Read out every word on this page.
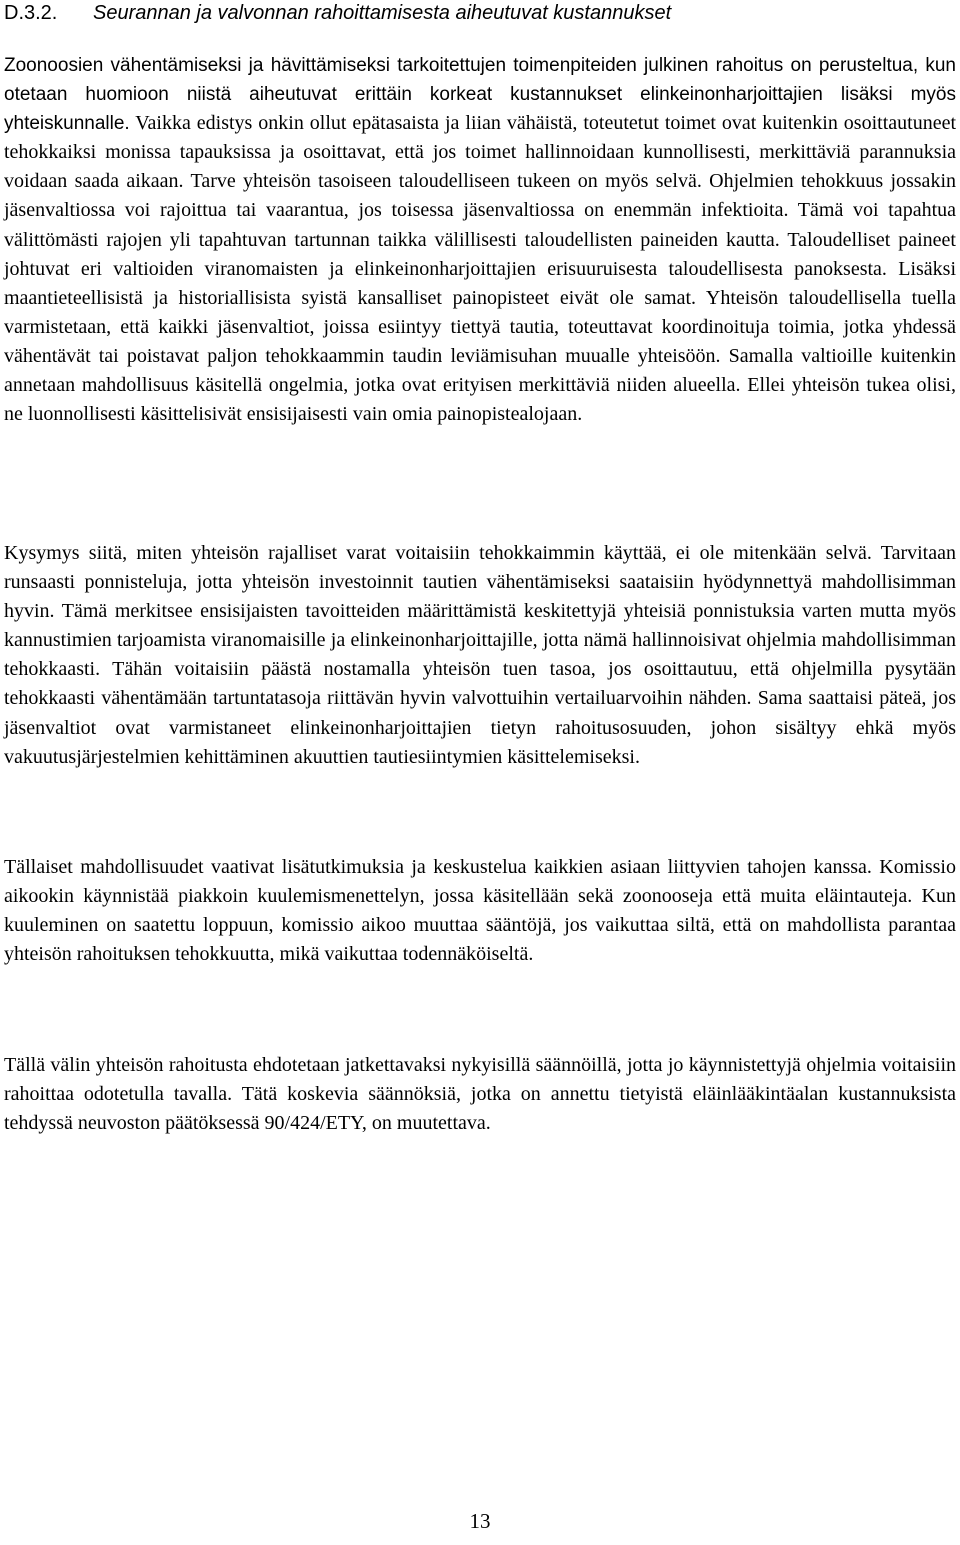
D.3.2. Seurannan ja valvonnan rahoittamisesta aiheutuvat kustannukset

Zoonoosien vähentämiseksi ja hävittämiseksi tarkoitettujen toimenpiteiden julkinen rahoitus on perusteltua, kun otetaan huomioon niistä aiheutuvat erittäin korkeat kustannukset elinkeinonharjoittajien lisäksi myös yhteiskunnalle. Vaikka edistys onkin ollut epätasaista ja liian vähäistä, toteutetut toimet ovat kuitenkin osoittautuneet tehokkaiksi monissa tapauksissa ja osoittavat, että jos toimet hallinnoidaan kunnollisesti, merkittäviä parannuksia voidaan saada aikaan. Tarve yhteisön tasoiseen taloudelliseen tukeen on myös selvä. Ohjelmien tehokkuus jossakin jäsenvaltiossa voi rajoittua tai vaarantua, jos toisessa jäsenvaltiossa on enemmän infektioita. Tämä voi tapahtua välittömästi rajojen yli tapahtuvan tartunnan taikka välillisesti taloudellisten paineiden kautta. Taloudelliset paineet johtuvat eri valtioiden viranomaisten ja elinkeinonharjoittajien erisuuruisesta taloudellisesta panoksesta. Lisäksi maantieteellisistä ja historiallisista syistä kansalliset painopisteet eivät ole samat. Yhteisön taloudellisella tuella varmistetaan, että kaikki jäsenvaltiot, joissa esiintyy tiettyä tautia, toteuttavat koordinoituja toimia, jotka yhdessä vähentävät tai poistavat paljon tehokkaammin taudin leviämisuhan muualle yhteisöön. Samalla valtioille kuitenkin annetaan mahdollisuus käsitellä ongelmia, jotka ovat erityisen merkittäviä niiden alueella. Ellei yhteisön tukea olisi, ne luonnollisesti käsittelisivät ensisijaisesti vain omia painopistealojaan.

Kysymys siitä, miten yhteisön rajalliset varat voitaisiin tehokkaimmin käyttää, ei ole mitenkään selvä. Tarvitaan runsaasti ponnisteluja, jotta yhteisön investoinnit tautien vähentämiseksi saataisiin hyödynnettyä mahdollisimman hyvin. Tämä merkitsee ensisijaisten tavoitteiden määrittämistä keskitettyjä yhteisiä ponnistuksia varten mutta myös kannustimien tarjoamista viranomaisille ja elinkeinonharjoittajille, jotta nämä hallinnoisivat ohjelmia mahdollisimman tehokkaasti. Tähän voitaisiin päästä nostamalla yhteisön tuen tasoa, jos osoittautuu, että ohjelmilla pysytään tehokkaasti vähentämään tartuntatasoja riittävän hyvin valvottuihin vertailuarvoihin nähden. Sama saattaisi päteä, jos jäsenvaltiot ovat varmistaneet elinkeinonharjoittajien tietyn rahoitusosuuden, johon sisältyy ehkä myös vakuutusjärjestelmien kehittäminen akuuttien tautiesiintymien käsittelemiseksi.

Tällaiset mahdollisuudet vaativat lisätutkimuksia ja keskustelua kaikkien asiaan liittyvien tahojen kanssa. Komissio aikookin käynnistää piakkoin kuulemismenettelyn, jossa käsitellään sekä zoonooseja että muita eläintauteja. Kun kuuleminen on saatettu loppuun, komissio aikoo muuttaa sääntöjä, jos vaikuttaa siltä, että on mahdollista parantaa yhteisön rahoituksen tehokkuutta, mikä vaikuttaa todennäköiseltä.

Tällä välin yhteisön rahoitusta ehdotetaan jatkettavaksi nykyisillä säännöillä, jotta jo käynnistettyjä ohjelmia voitaisiin rahoittaa odotetulla tavalla. Tätä koskevia säännöksiä, jotka on annettu tietyistä eläinlääkintäalan kustannuksista tehdyssä neuvoston päätöksessä 90/424/ETY, on muutettava.

13
